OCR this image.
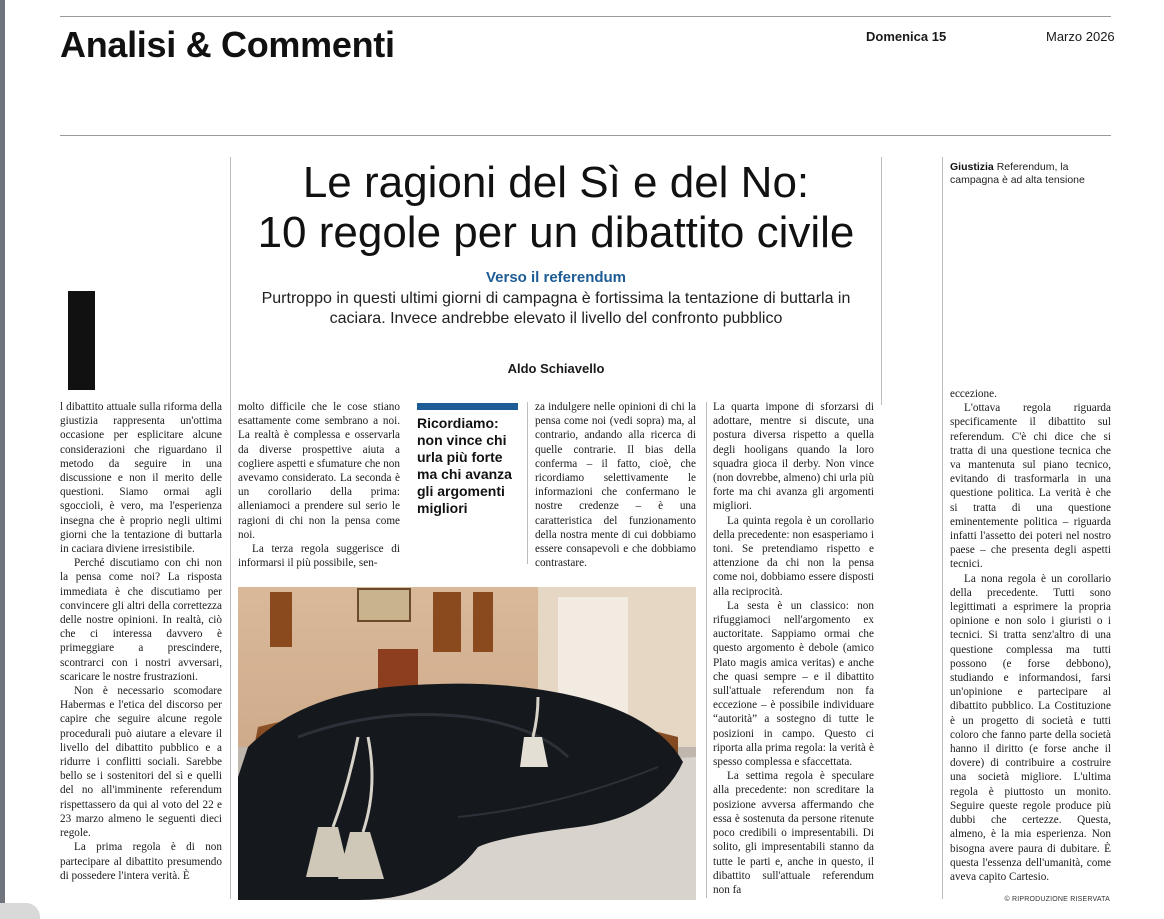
Analisi & Commenti	Domenica 15	Marzo 2026
Le ragioni del Sì e del No:
10 regole per un dibattito civile
Verso il referendum
Purtroppo in questi ultimi giorni di campagna è fortissima la tentazione di buttarla in caciara. Invece andrebbe elevato il livello del confronto pubblico
Aldo Schiavello

l dibattito attuale sulla riforma della giustizia rappresenta un'ottima occasione per esplicitare alcune considerazioni che riguardano il metodo da seguire in una discussione e non il merito delle questioni. Siamo ormai agli sgoccioli, è vero, ma l'esperienza insegna che è proprio negli ultimi giorni che la tentazione di buttarla in caciara diviene irresistibile.

Perché discutiamo con chi non la pensa come noi? La risposta immediata è che discutiamo per convincere gli altri della correttezza delle nostre opinioni. In realtà, ciò che ci interessa davvero è primeggiare a prescindere, scontrarci con i nostri avversari, scaricare le nostre frustrazioni.

Non è necessario scomodare Habermas e l'etica del discorso per capire che seguire alcune regole procedurali può aiutare a elevare il livello del dibattito pubblico e a ridurre i conflitti sociali. Sarebbe bello se i sostenitori del sì e quelli del no all'imminente referendum rispettassero da qui al voto del 22 e 23 marzo almeno le seguenti dieci regole.

La prima regola è di non partecipare al dibattito presumendo di possedere l'intera verità. È

molto difficile che le cose stiano esattamente come sembrano a noi. La realtà è complessa e osservarla da diverse prospettive aiuta a cogliere aspetti e sfumature che non avevamo considerato. La seconda è un corollario della prima: alleniamoci a prendere sul serio le ragioni di chi non la pensa come noi.

La terza regola suggerisce di informarsi il più possibile, sen-

Ricordiamo: non vince chi urla più forte ma chi avanza gli argomenti migliori

za indulgere nelle opinioni di chi la pensa come noi (vedi sopra) ma, al contrario, andando alla ricerca di quelle contrarie. Il bias della conferma – il fatto, cioè, che ricordiamo selettivamente le informazioni che confermano le nostre credenze – è una caratteristica del funzionamento della nostra mente di cui dobbiamo essere consapevoli e che dobbiamo contrastare.

La quarta impone di sforzarsi di adottare, mentre si discute, una postura diversa rispetto a quella degli hooligans quando la loro squadra gioca il derby. Non vince (non dovrebbe, almeno) chi urla più forte ma chi avanza gli argomenti migliori.

La quinta regola è un corollario della precedente: non esasperiamo i toni. Se pretendiamo rispetto e attenzione da chi non la pensa come noi, dobbiamo essere disposti alla reciprocità.

La sesta è un classico: non rifuggiamoci nell'argomento ex auctoritate. Sappiamo ormai che questo argomento è debole (amico Plato magis amica veritas) e anche che quasi sempre – e il dibattito sull'attuale referendum non fa eccezione – è possibile individuare “autorità” a sostegno di tutte le posizioni in campo. Questo ci riporta alla prima regola: la verità è spesso complessa e sfaccettata.

La settima regola è speculare alla precedente: non screditare la posizione avversa affermando che essa è sostenuta da persone ritenute poco credibili o impresentabili. Di solito, gli impresentabili stanno da tutte le parti e, anche in questo, il dibattito sull'attuale referendum non fa

eccezione.

L'ottava regola riguarda specificamente il dibattito sul referendum. C'è chi dice che si tratta di una questione tecnica che va mantenuta sul piano tecnico, evitando di trasformarla in una questione politica. La verità è che si tratta di una questione eminentemente politica – riguarda infatti l'assetto dei poteri nel nostro paese – che presenta degli aspetti tecnici.

La nona regola è un corollario della precedente. Tutti sono legittimati a esprimere la propria opinione e non solo i giuristi o i tecnici. Si tratta senz'altro di una questione complessa ma tutti possono (e forse debbono), studiando e informandosi, farsi un'opinione e partecipare al dibattito pubblico. La Costituzione è un progetto di società e tutti coloro che fanno parte della società hanno il diritto (e forse anche il dovere) di contribuire a costruire una società migliore. L'ultima regola è piuttosto un monito. Seguire queste regole produce più dubbi che certezze. Questa, almeno, è la mia esperienza. Non bisogna avere paura di dubitare. È questa l'essenza dell'umanità, come aveva capito Cartesio.

Giustizia Referendum, la campagna è ad alta tensione
© RIPRODUZIONE RISERVATA
